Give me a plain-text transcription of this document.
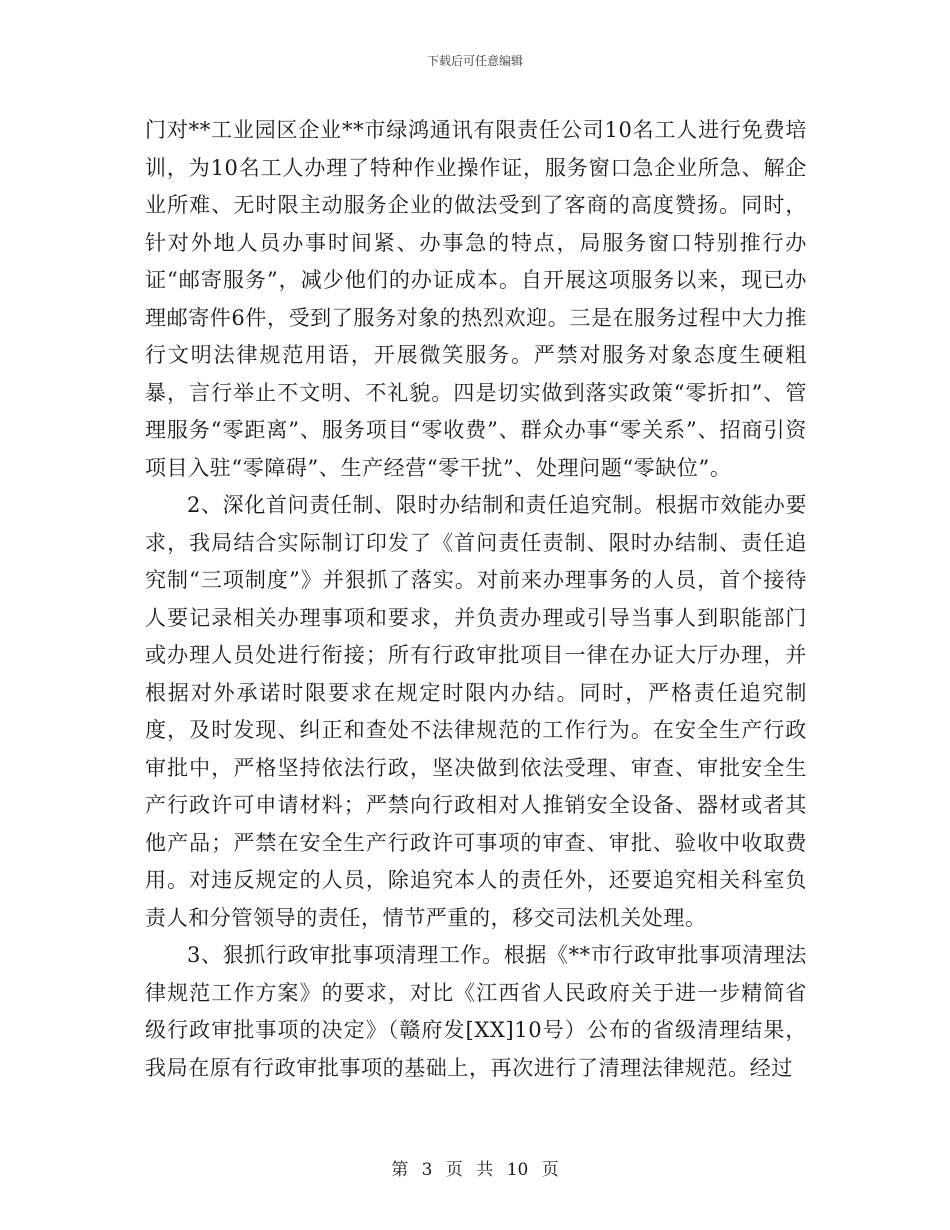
下载后可任意编辑

门对**工业园区企业**市绿鸿通讯有限责任公司10名工人进行免费培训，为10名工人办理了特种作业操作证，服务窗口急企业所急、解企业所难、无时限主动服务企业的做法受到了客商的高度赞扬。同时，针对外地人员办事时间紧、办事急的特点，局服务窗口特别推行办证“邮寄服务”，减少他们的办证成本。自开展这项服务以来，现已办理邮寄件6件，受到了服务对象的热烈欢迎。三是在服务过程中大力推行文明法律规范用语，开展微笑服务。严禁对服务对象态度生硬粗暴，言行举止不文明、不礼貌。四是切实做到落实政策“零折扣”、管理服务“零距离”、服务项目“零收费”、群众办事“零关系”、招商引资项目入驻“零障碍”、生产经营“零干扰”、处理问题“零缺位”。

2、深化首问责任制、限时办结制和责任追究制。根据市效能办要求，我局结合实际制订印发了《首问责任责制、限时办结制、责任追究制“三项制度”》并狠抓了落实。对前来办理事务的人员，首个接待人要记录相关办理事项和要求，并负责办理或引导当事人到职能部门或办理人员处进行衔接；所有行政审批项目一律在办证大厅办理，并根据对外承诺时限要求在规定时限内办结。同时，严格责任追究制度，及时发现、纠正和查处不法律规范的工作行为。在安全生产行政审批中，严格坚持依法行政，坚决做到依法受理、审查、审批安全生产行政许可申请材料；严禁向行政相对人推销安全设备、器材或者其他产品；严禁在安全生产行政许可事项的审查、审批、验收中收取费用。对违反规定的人员，除追究本人的责任外，还要追究相关科室负责人和分管领导的责任，情节严重的，移交司法机关处理。

3、狠抓行政审批事项清理工作。根据《**市行政审批事项清理法律规范工作方案》的要求，对比《江西省人民政府关于进一步精简省级行政审批事项的决定》（赣府发[XX]10号）公布的省级清理结果，我局在原有行政审批事项的基础上，再次进行了清理法律规范。经过

第 3 页 共 10 页
